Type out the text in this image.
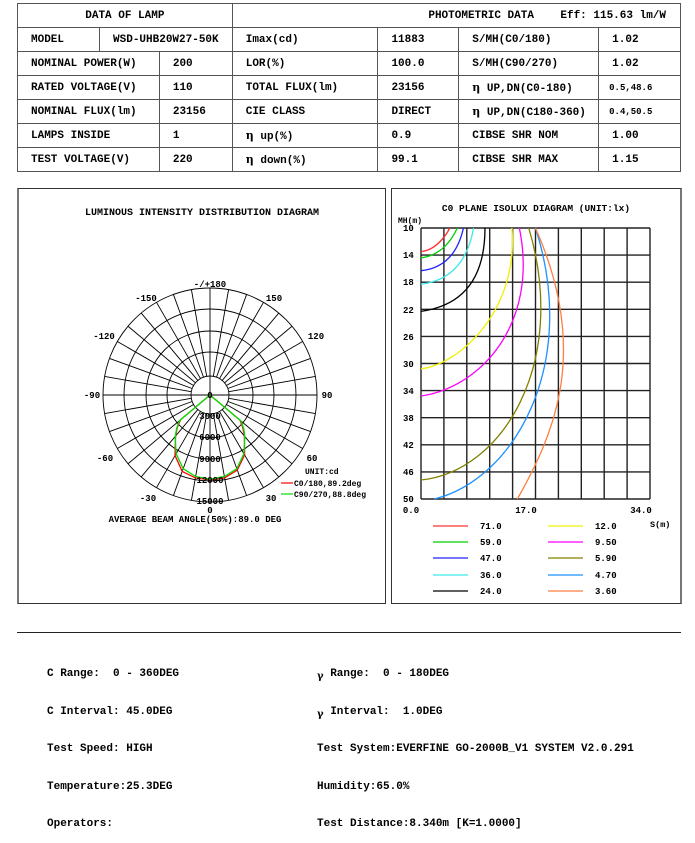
DATA OF LAMP			PHOTOMETRIC DATA Eff: 115.63 lm/W			
MODEL	WSD-UHB20W27-50K		Imax(cd)	11883	S/MH(C0/180)	1.02
NOMINAL POWER(W)		200	LOR(%)	100.0	S/MH(C90/270)	1.02
RATED VOLTAGE(V)		110	TOTAL FLUX(lm)	23156	η UP,DN(C0-180)	0.5,48.6
NOMINAL FLUX(lm)		23156	CIE CLASS	DIRECT	η UP,DN(C180-360)	0.4,50.5
LAMPS INSIDE		1	η up(%)	0.9	CIBSE SHR NOM	1.00
TEST VOLTAGE(V)		220	η down(%)	99.1	CIBSE SHR MAX	1.15
LUMINOUS INTENSITY DISTRIBUTION DIAGRAM
-/+180
-150	150
-120	120
-90	90
-60	60
-30	30
0
0
3000
6000
9000
12000
15000
UNIT:cd
C0/180,89.2deg
C90/270,88.8deg
AVERAGE BEAM ANGLE(50%):89.0 DEG
C0 PLANE ISOLUX DIAGRAM (UNIT:lx)
MH(m)
10
14
18
22
26
30
34
38
42
46
50
0.0	17.0	34.0
S(m)
71.0
59.0
47.0
36.0
24.0
12.0
9.50
5.90
4.70
3.60

C Range:  0 - 360DEG

C Interval: 45.0DEG

Test Speed: HIGH

Temperature:25.3DEG

Operators:

γ Range:  0 - 180DEG

γ Interval:  1.0DEG

Test System:EVERFINE GO-2000B_V1 SYSTEM V2.0.291

Humidity:65.0%

Test Distance:8.340m [K=1.0000]
